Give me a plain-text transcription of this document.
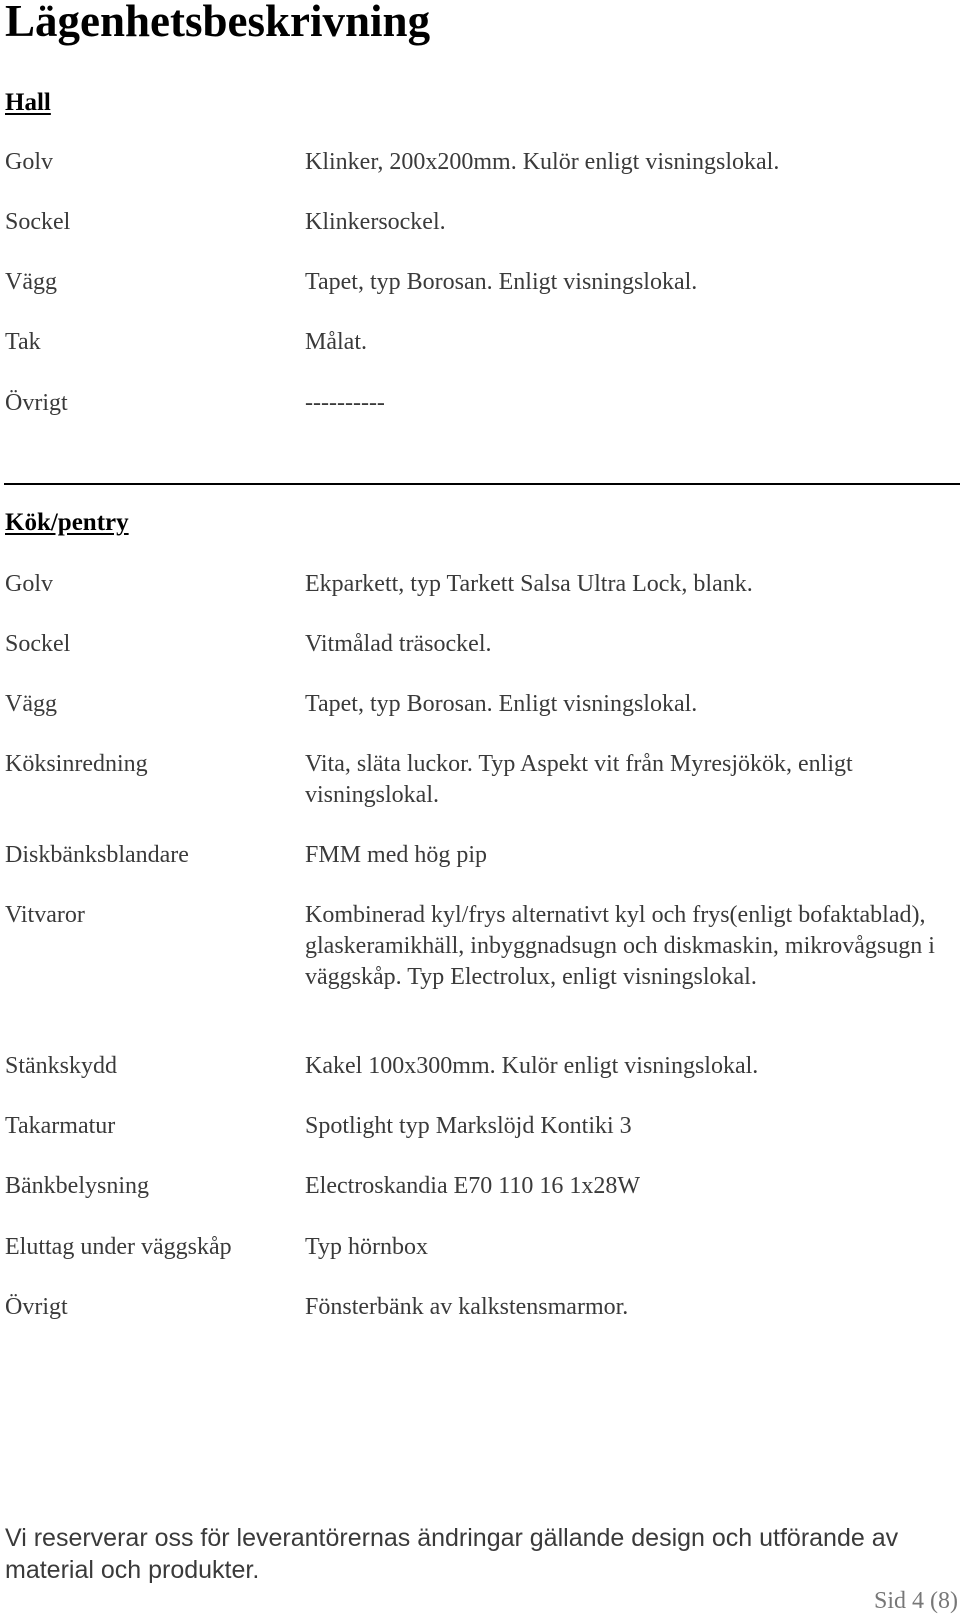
Lägenhetsbeskrivning
Hall
Golv	Klinker, 200x200mm. Kulör enligt visningslokal.
Sockel	Klinkersockel.
Vägg	Tapet, typ Borosan. Enligt visningslokal.
Tak	Målat.
Övrigt	----------
Kök/pentry
Golv	Ekparkett, typ Tarkett Salsa Ultra Lock, blank.
Sockel	Vitmålad träsockel.
Vägg	Tapet, typ Borosan. Enligt visningslokal.
Köksinredning	Vita, släta luckor. Typ Aspekt vit från Myresjökök, enligt visningslokal.
Diskbänksblandare	FMM med hög pip
Vitvaror	Kombinerad kyl/frys alternativt kyl och frys(enligt bofaktablad), glaskeramikhäll, inbyggnadsugn och diskmaskin, mikrovågsugn i väggskåp. Typ Electrolux, enligt visningslokal.
Stänkskydd	Kakel 100x300mm. Kulör enligt visningslokal.
Takarmatur	Spotlight typ Markslöjd Kontiki 3
Bänkbelysning	Electroskandia E70 110 16 1x28W
Eluttag under väggskåp	Typ hörnbox
Övrigt	Fönsterbänk av kalkstensmarmor.
Vi reserverar oss för leverantörernas ändringar gällande design och utförande av material och produkter.
Sid 4 (8)
